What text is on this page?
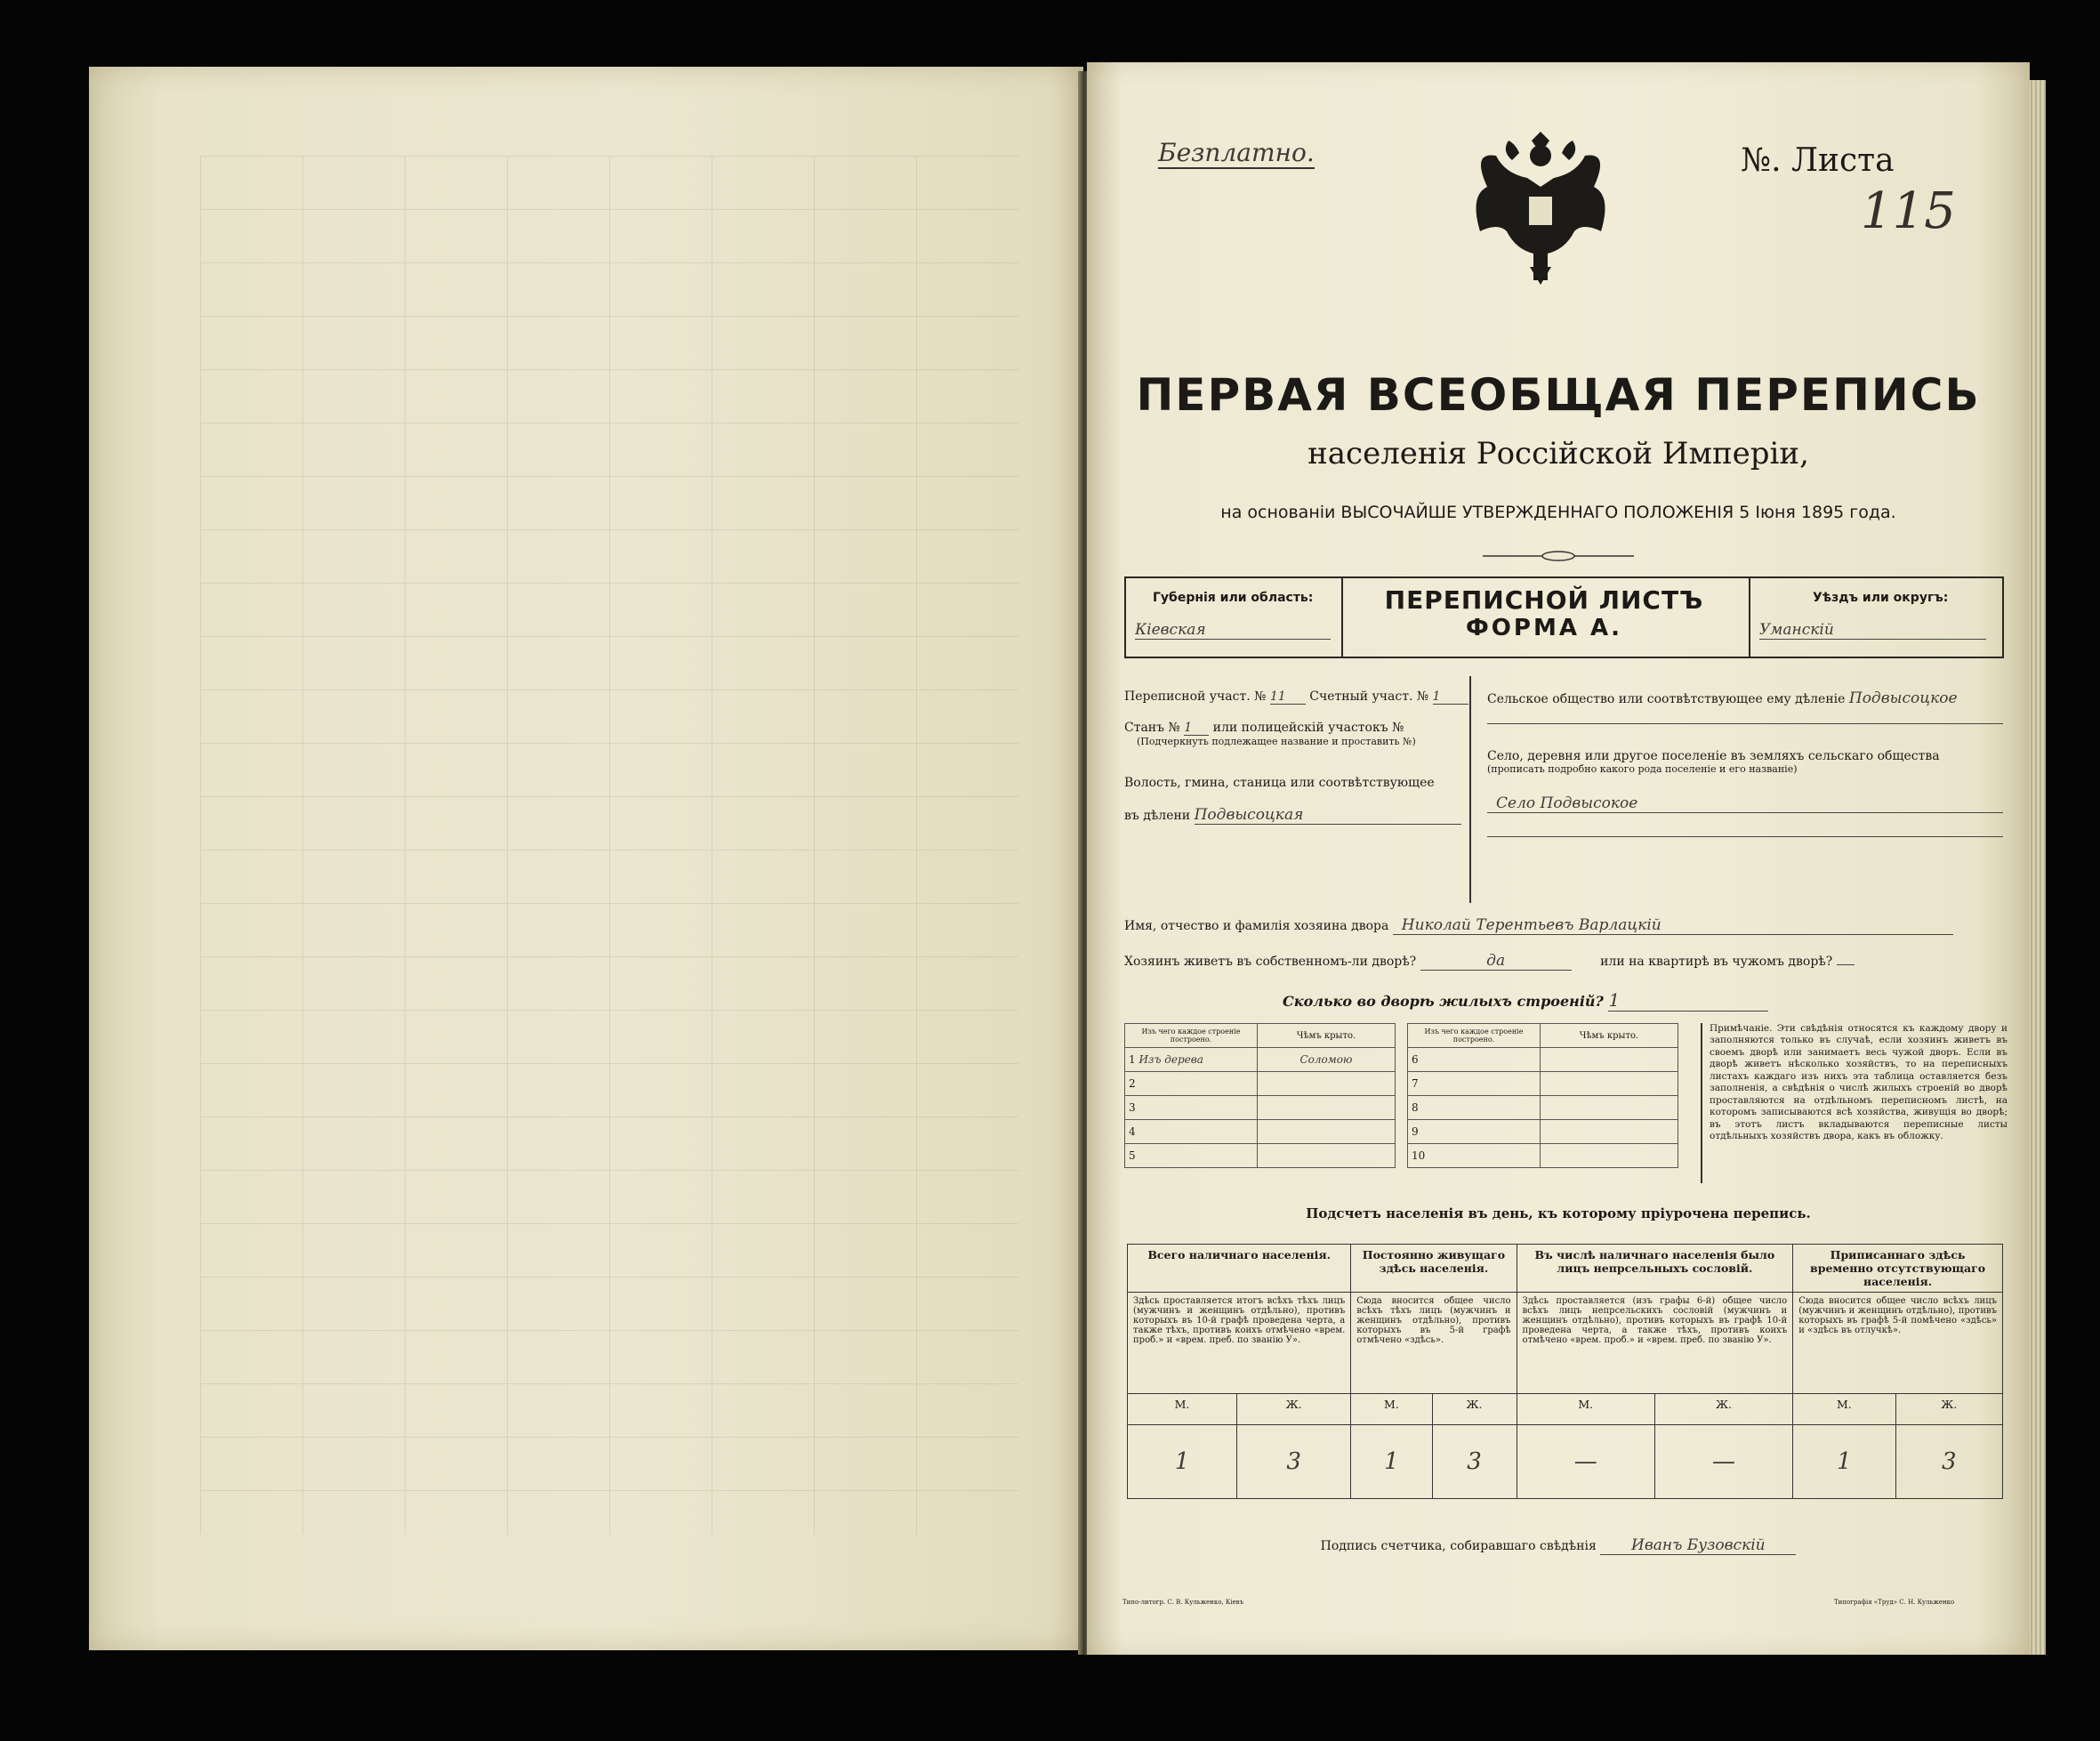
Безплатно.	№. Листа
115
ПЕРВАЯ ВСЕОБЩАЯ ПЕРЕПИСЬ
населенія Россійской Имперіи,
на основаніи ВЫСОЧАЙШЕ УТВЕРЖДЕННАГО ПОЛОЖЕНІЯ 5 Іюня 1895 года.
Губернія или область:
Кіевская
ПЕРЕПИСНОЙ ЛИСТЪ
ФОРМА А.
Уѣздъ или округъ:
Уманскій
Переписной участ. № 11 Счетный участ. № 1
Станъ № 1 или полицейскій участокъ №
(Подчеркнуть подлежащее название и проставить №)
Волость, гмина, станица или соотвѣтствующее
въ дѣлени Подвысоцкая
Сельское общество или соотвѣтствующее ему дѣленіе Подвысоцкое
Село, деревня или другое поселеніе въ земляхъ сельскаго общества
(прописать подробно какого рода поселеніе и его названіе)
Село Подвысокое
Имя, отчество и фамилія хозяина двора Николай Терентьевъ Варлацкій
Хозяинъ живетъ въ собственномъ-ли дворѣ?	да	или на квартирѣ въ чужомъ дворѣ?
Сколько во дворѣ жилыхъ строеній? 1
Изъ чего каждое строеніе построено.	Чѣмъ крыто.
1 Изъ дерева	Соломою
2	
3	
4	
5	
Изъ чего каждое строеніе построено.	Чѣмъ крыто.
6	
7	
8	
9	
10	
Примѣчаніе. Эти свѣдѣнія относятся къ каждому двору и заполняются только въ случаѣ, если хозяинъ живетъ въ своемъ дворѣ или занимаетъ весь чужой дворъ. Если въ дворѣ живетъ нѣсколько хозяйствъ, то на переписныхъ листахъ каждаго изъ нихъ эта таблица оставляется безъ заполненія, а свѣдѣнія о числѣ жилыхъ строеній во дворѣ проставляются на отдѣльномъ переписномъ листѣ, на которомъ записываются всѣ хозяйства, живущія во дворѣ; въ этотъ листъ вкладываются переписные листы отдѣльныхъ хозяйствъ двора, какъ въ обложку.
Подсчетъ населенія въ день, къ которому пріурочена перепись.
Всего наличнаго населенія.		Постоянно живущаго здѣсь населенія.		Въ числѣ наличнаго населенія было лицъ непрсельныхъ сословій.		Приписаннаго здѣсь временно отсутствующаго населенія.	
Здѣсь проставляется итогъ всѣхъ тѣхъ лицъ (мужчинъ и женщинъ отдѣльно), противъ которыхъ въ 10-й графѣ проведена черта, а также тѣхъ, противъ коихъ отмѣчено «врем. проб.» и «врем. преб. по званію У».		Сюда вносится общее число всѣхъ тѣхъ лицъ (мужчинъ и женщинъ отдѣльно), противъ которыхъ въ 5-й графѣ отмѣчено «здѣсь».		Здѣсь проставляется (изъ графы 6-й) общее число всѣхъ лицъ непрсельскихъ сословій (мужчинъ и женщинъ отдѣльно), противъ которыхъ въ графѣ 10-й проведена черта, а также тѣхъ, противъ коихъ отмѣчено «врем. проб.» и «врем. преб. по званію У».		Сюда вносится общее число всѣхъ лицъ (мужчинъ и женщинъ отдѣльно), противъ которыхъ въ графѣ 5-й помѣчено «здѣсь» и «здѣсь въ отлучкѣ».	
М.	Ж.	М.	Ж.	М.	Ж.	М.	Ж.
1	3	1	3	—	—	1	3
Подпись счетчика, собиравшаго свѣдѣнія Иванъ Бузовскій
Типо-литогр. С. В. Кульженко, Кіевъ	Типографія «Труд» С. Н. Кульженко
